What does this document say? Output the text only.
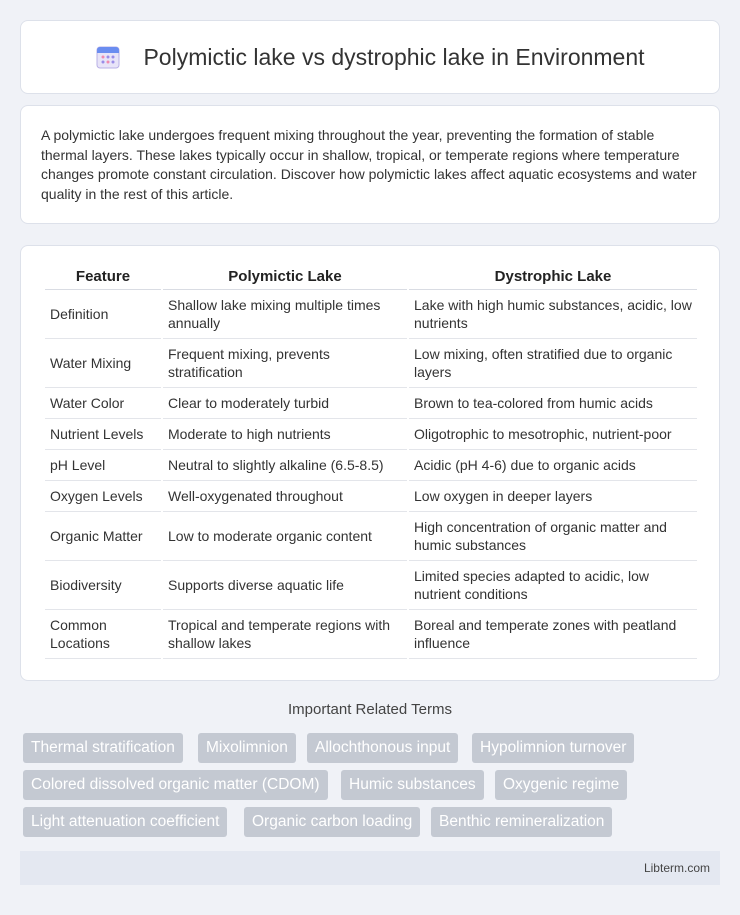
Polymictic lake vs dystrophic lake in Environment

A polymictic lake undergoes frequent mixing throughout the year, preventing the formation of stable thermal layers. These lakes typically occur in shallow, tropical, or temperate regions where temperature changes promote constant circulation. Discover how polymictic lakes affect aquatic ecosystems and water quality in the rest of this article.

Feature	Polymictic Lake	Dystrophic Lake
Definition	Shallow lake mixing multiple times annually	Lake with high humic substances, acidic, low nutrients
Water Mixing	Frequent mixing, prevents stratification	Low mixing, often stratified due to organic layers
Water Color	Clear to moderately turbid	Brown to tea-colored from humic acids
Nutrient Levels	Moderate to high nutrients	Oligotrophic to mesotrophic, nutrient-poor
pH Level	Neutral to slightly alkaline (6.5-8.5)	Acidic (pH 4-6) due to organic acids
Oxygen Levels	Well-oxygenated throughout	Low oxygen in deeper layers
Organic Matter	Low to moderate organic content	High concentration of organic matter and humic substances
Biodiversity	Supports diverse aquatic life	Limited species adapted to acidic, low nutrient conditions
Common Locations	Tropical and temperate regions with shallow lakes	Boreal and temperate zones with peatland influence
Important Related Terms
Thermal stratification	Mixolimnion	Allochthonous input	Hypolimnion turnover
Colored dissolved organic matter (CDOM)	Humic substances	Oxygenic regime
Light attenuation coefficient	Organic carbon loading	Benthic remineralization
Libterm.com
